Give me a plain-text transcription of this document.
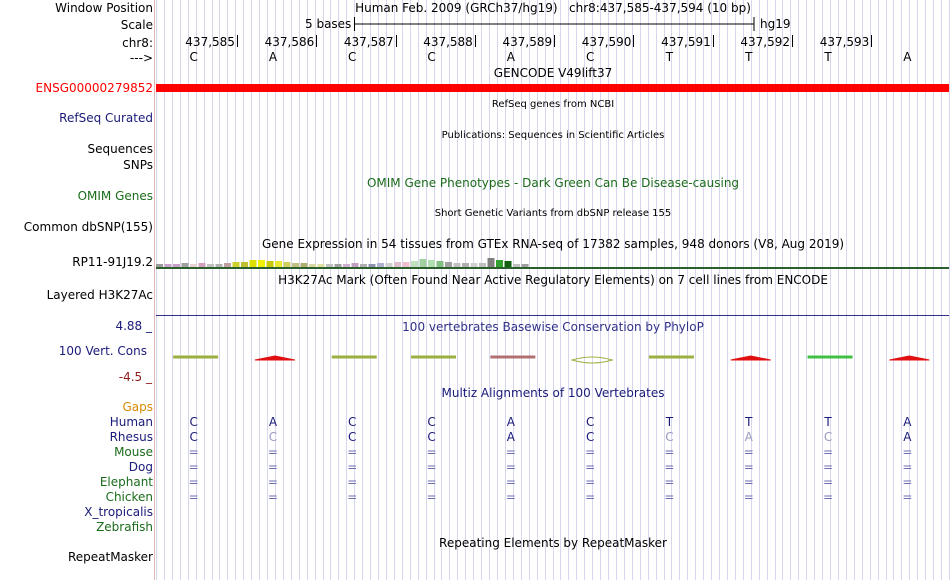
Window Position	Human Feb. 2009 (GRCh37/hg19) chr8:437,585-437,594 (10 bp)
Scale	5 bases	hg19
chr8:
--->
437,585 437,586 437,587 437,588 437,589 437,590 437,591 437,592 437,593
C	A	C	C	A	C	T	T	T	A
GENCODE V49lift37
ENSG00000279852
RefSeq genes from NCBI
RefSeq Curated
Publications: Sequences in Scientific Articles
Sequences
SNPs
OMIM Gene Phenotypes - Dark Green Can Be Disease-causing
OMIM Genes
Short Genetic Variants from dbSNP release 155
Common dbSNP(155)
Gene Expression in 54 tissues from GTEx RNA-seq of 17382 samples, 948 donors (V8, Aug 2019)
RP11-91J19.2
H3K27Ac Mark (Often Found Near Active Regulatory Elements) on 7 cell lines from ENCODE
Layered H3K27Ac
100 vertebrates Basewise Conservation by PhyloP
4.88 _
100 Vert. Cons
-4.5 _
Multiz Alignments of 100 Vertebrates
Gaps
Human	C	A	C	C	A	C	T	T	T	A
Rhesus	C	C	C	C	A	C	C	A	C	A
Mouse	=	=	=	=	=	=	=	=	=	=
Dog	=	=	=	=	=	=	=	=	=	=
Elephant	=	=	=	=	=	=	=	=	=	=
Chicken	=	=	=	=	=	=	=	=	=	=
X_tropicalis
Zebrafish
Repeating Elements by RepeatMasker
RepeatMasker
